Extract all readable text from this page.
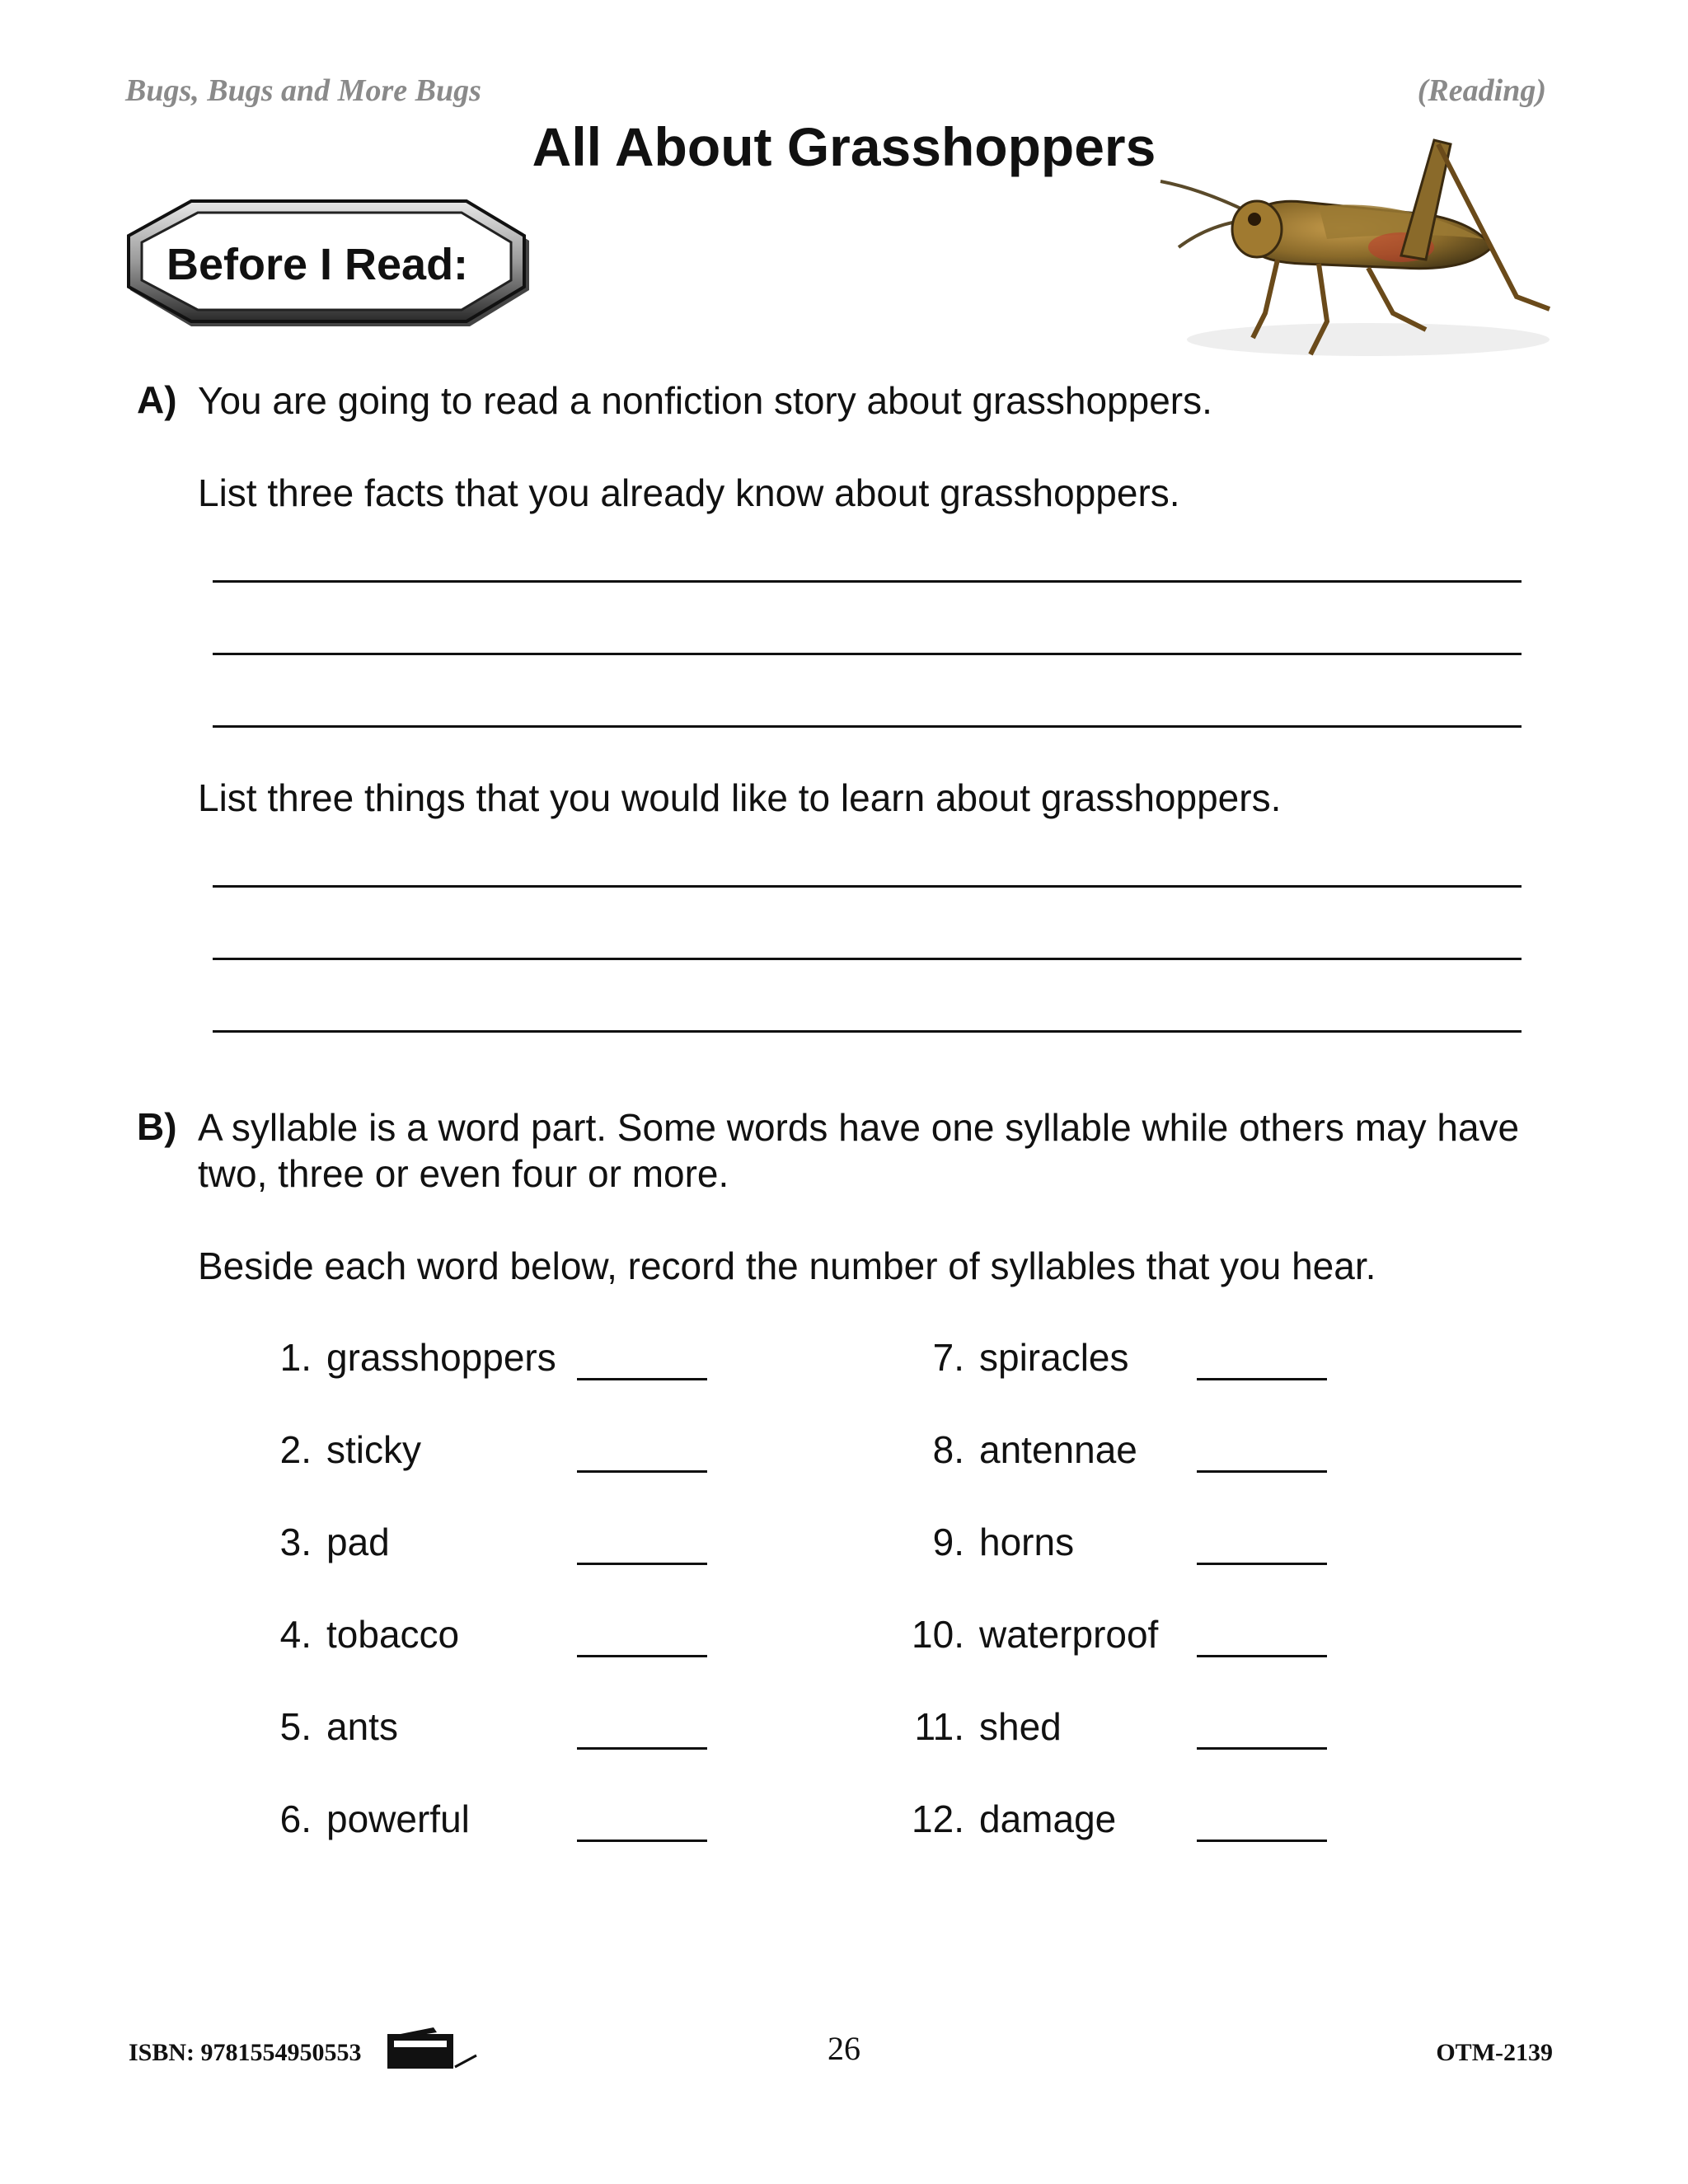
Bugs, Bugs and More Bugs	(Reading)
All About Grasshoppers
Before I Read:
A) You are going to read a nonfiction story about grasshoppers.
List three facts that you already know about grasshoppers.
List three things that you would like to learn about grasshoppers.
B) A syllable is a word part. Some words have one syllable while others may have
two, three or even four or more.
Beside each word below, record the number of syllables that you hear.
1. grasshoppers
2. sticky
3. pad
4. tobacco
5. ants
6. powerful
7. spiracles
8. antennae
9. horns
10. waterproof
11. shed
12. damage
ISBN: 9781554950553	26	OTM-2139
